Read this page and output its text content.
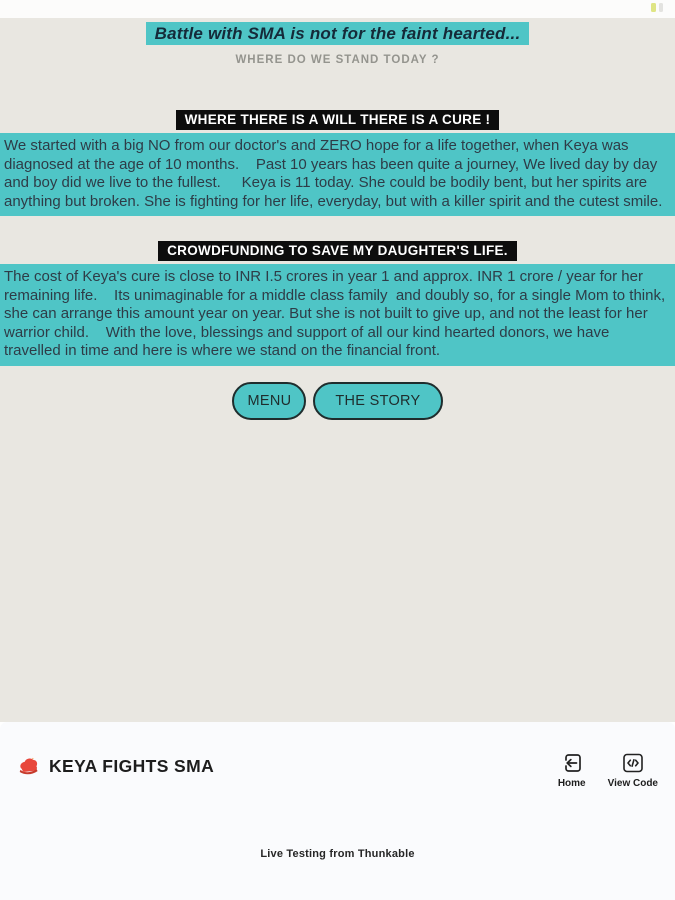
Battle with SMA is not for the faint hearted...
WHERE DO WE STAND TODAY ?
WHERE THERE IS A WILL THERE IS A CURE !
We started with a big NO from our doctor's and ZERO hope for a life together, when Keya was diagnosed at the age of 10 months.    Past 10 years has been quite a journey, We lived day by day and boy did we live to the fullest.     Keya is 11 today. She could be bodily bent, but her spirits are anything but broken. She is fighting for her life, everyday, but with a killer spirit and the cutest smile.
CROWDFUNDING TO SAVE MY DAUGHTER'S LIFE.
The cost of Keya's cure is close to INR I.5 crores in year 1 and approx. INR 1 crore / year for her remaining life.    Its unimaginable for a middle class family  and doubly so, for a single Mom to think, she can arrange this amount year on year. But she is not built to give up, and not the least for her warrior child.    With the love, blessings and support of all our kind hearted donors, we have travelled in time and here is where we stand on the financial front.
MENU	THE STORY
KEYA FIGHTS SMA
Home View Code
Live Testing from Thunkable
